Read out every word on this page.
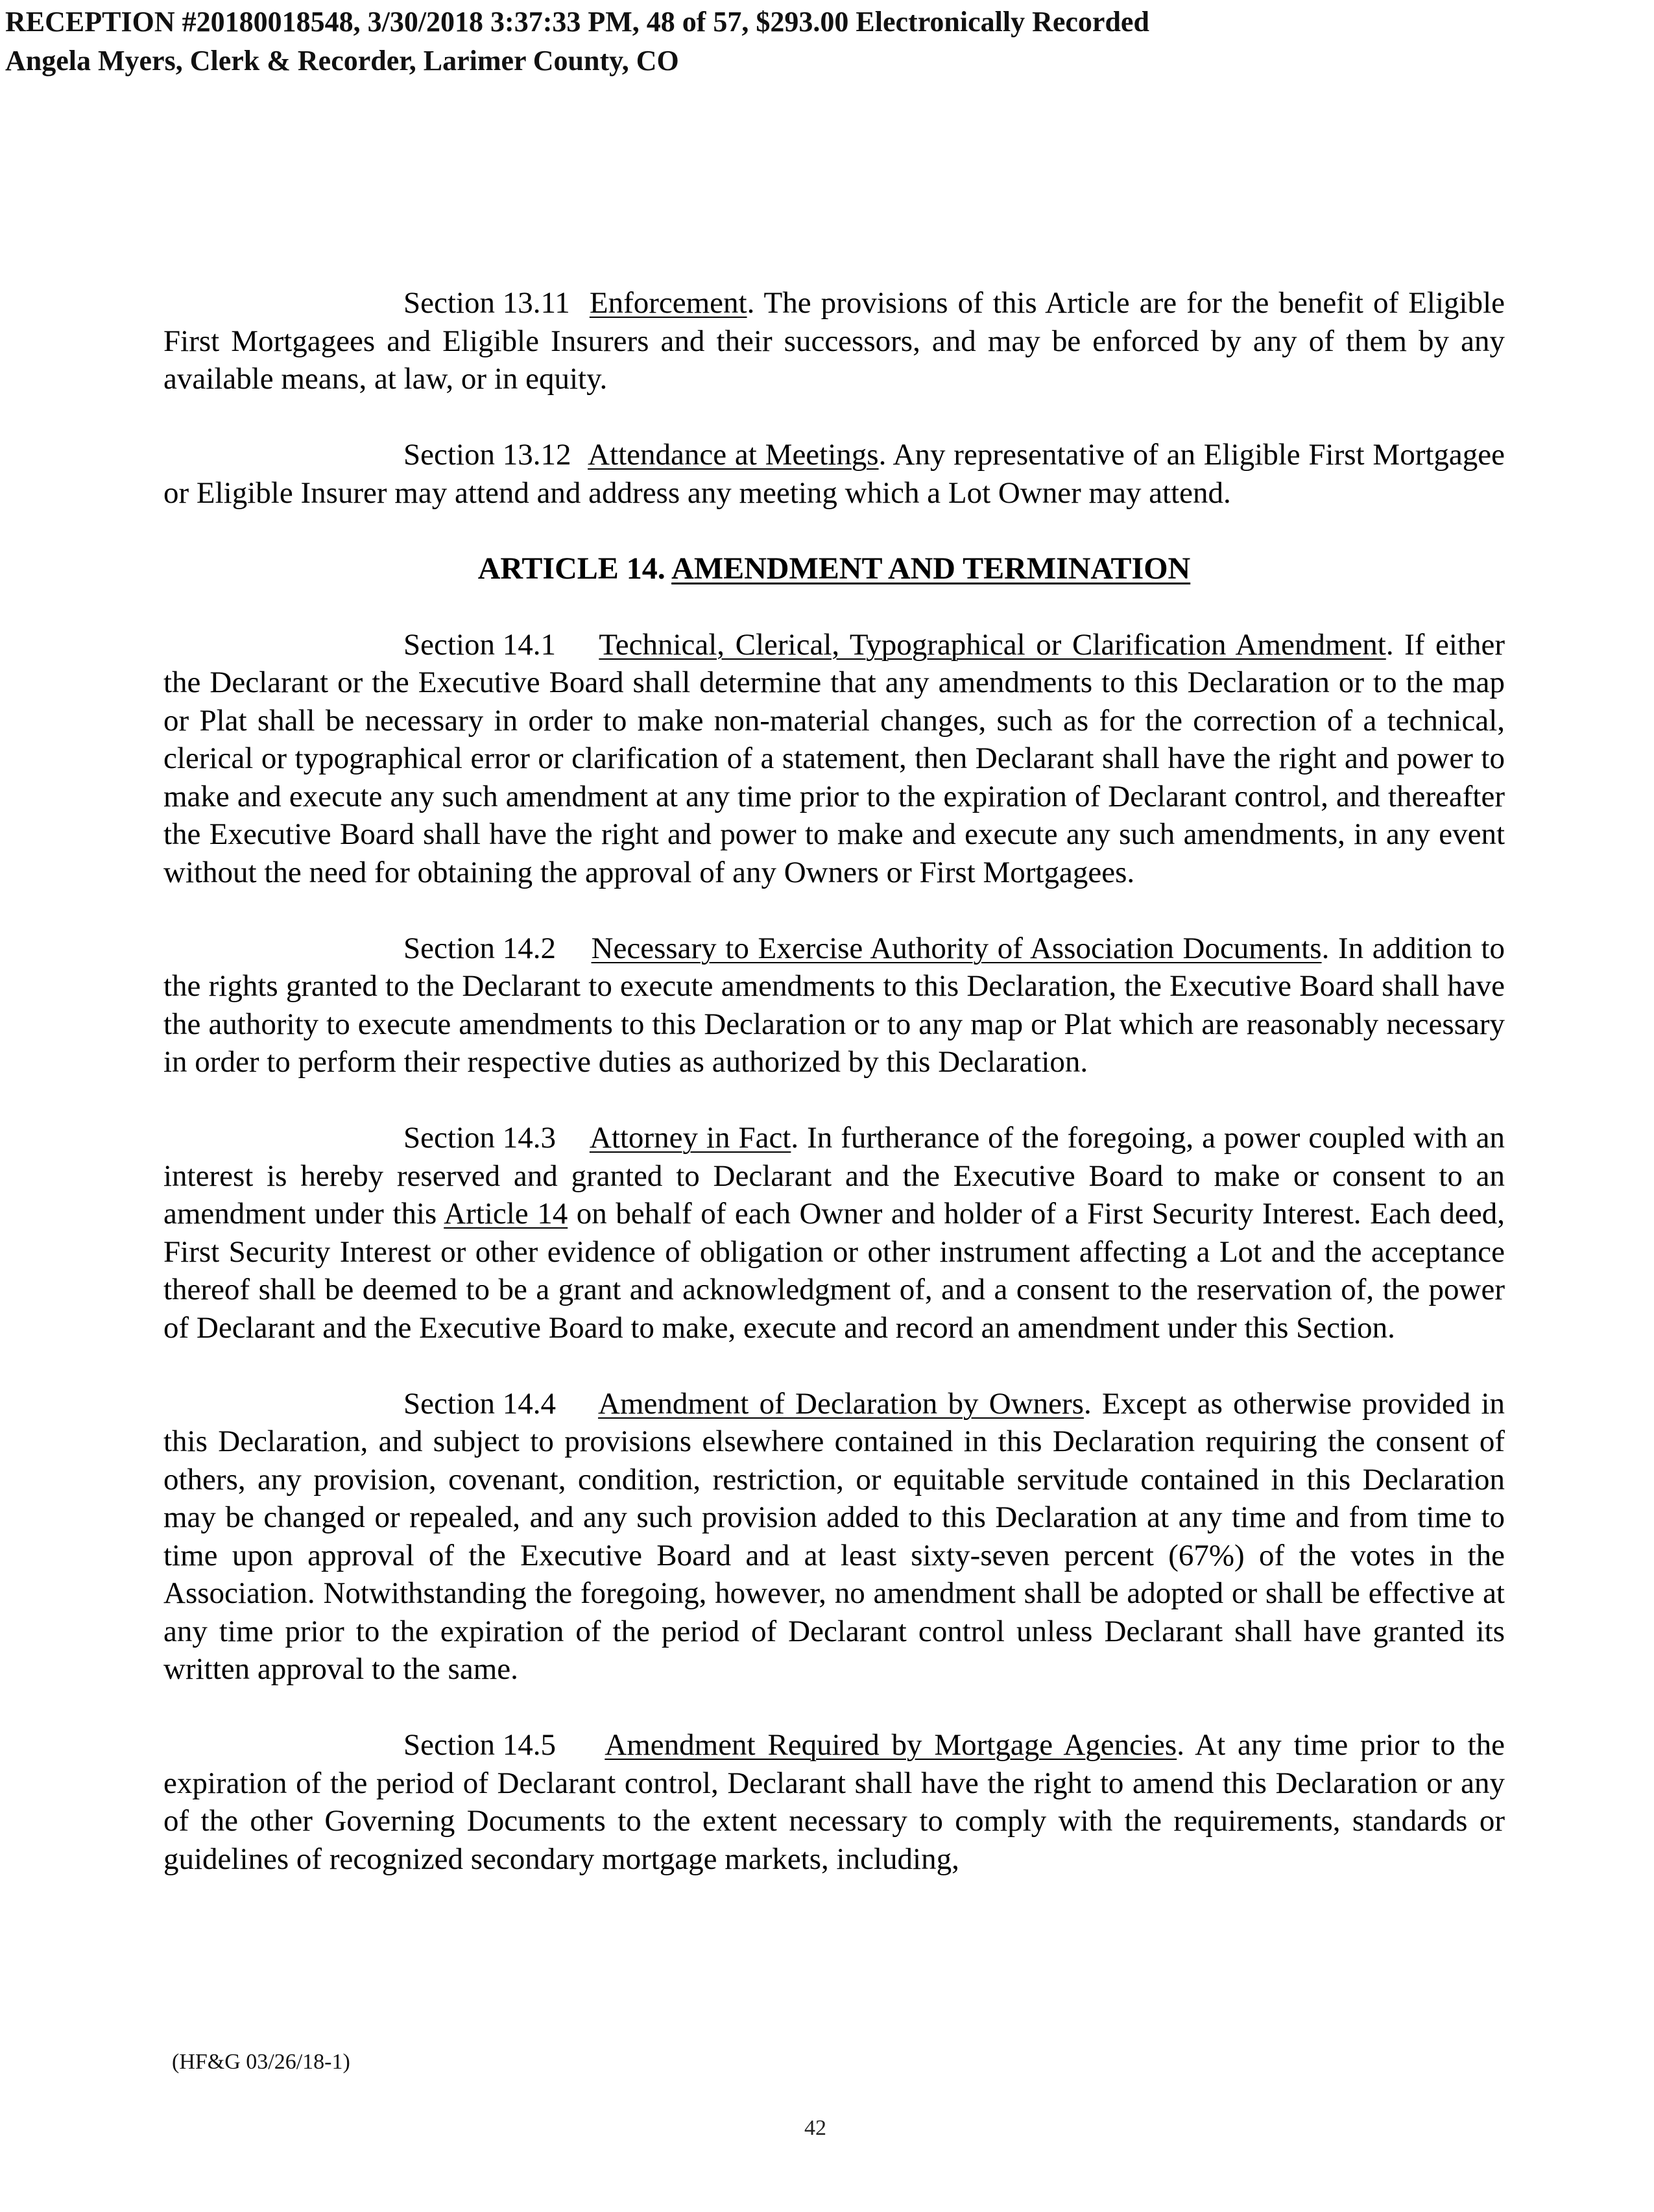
RECEPTION #20180018548, 3/30/2018 3:37:33 PM, 48 of 57, $293.00 Electronically Recorded
Angela Myers, Clerk & Recorder, Larimer County, CO

Section 13.11 Enforcement. The provisions of this Article are for the benefit of Eligible First Mortgagees and Eligible Insurers and their successors, and may be enforced by any of them by any available means, at law, or in equity.

Section 13.12 Attendance at Meetings. Any representative of an Eligible First Mortgagee or Eligible Insurer may attend and address any meeting which a Lot Owner may attend.

ARTICLE 14. AMENDMENT AND TERMINATION

Section 14.1 Technical, Clerical, Typographical or Clarification Amendment. If either the Declarant or the Executive Board shall determine that any amendments to this Declaration or to the map or Plat shall be necessary in order to make non-material changes, such as for the correction of a technical, clerical or typographical error or clarification of a statement, then Declarant shall have the right and power to make and execute any such amendment at any time prior to the expiration of Declarant control, and thereafter the Executive Board shall have the right and power to make and execute any such amendments, in any event without the need for obtaining the approval of any Owners or First Mortgagees.

Section 14.2 Necessary to Exercise Authority of Association Documents. In addition to the rights granted to the Declarant to execute amendments to this Declaration, the Executive Board shall have the authority to execute amendments to this Declaration or to any map or Plat which are reasonably necessary in order to perform their respective duties as authorized by this Declaration.

Section 14.3 Attorney in Fact. In furtherance of the foregoing, a power coupled with an interest is hereby reserved and granted to Declarant and the Executive Board to make or consent to an amendment under this Article 14 on behalf of each Owner and holder of a First Security Interest. Each deed, First Security Interest or other evidence of obligation or other instrument affecting a Lot and the acceptance thereof shall be deemed to be a grant and acknowledgment of, and a consent to the reservation of, the power of Declarant and the Executive Board to make, execute and record an amendment under this Section.

Section 14.4 Amendment of Declaration by Owners. Except as otherwise provided in this Declaration, and subject to provisions elsewhere contained in this Declaration requiring the consent of others, any provision, covenant, condition, restriction, or equitable servitude contained in this Declaration may be changed or repealed, and any such provision added to this Declaration at any time and from time to time upon approval of the Executive Board and at least sixty-seven percent (67%) of the votes in the Association. Notwithstanding the foregoing, however, no amendment shall be adopted or shall be effective at any time prior to the expiration of the period of Declarant control unless Declarant shall have granted its written approval to the same.

Section 14.5 Amendment Required by Mortgage Agencies. At any time prior to the expiration of the period of Declarant control, Declarant shall have the right to amend this Declaration or any of the other Governing Documents to the extent necessary to comply with the requirements, standards or guidelines of recognized secondary mortgage markets, including,

(HF&G 03/26/18-1)
42
